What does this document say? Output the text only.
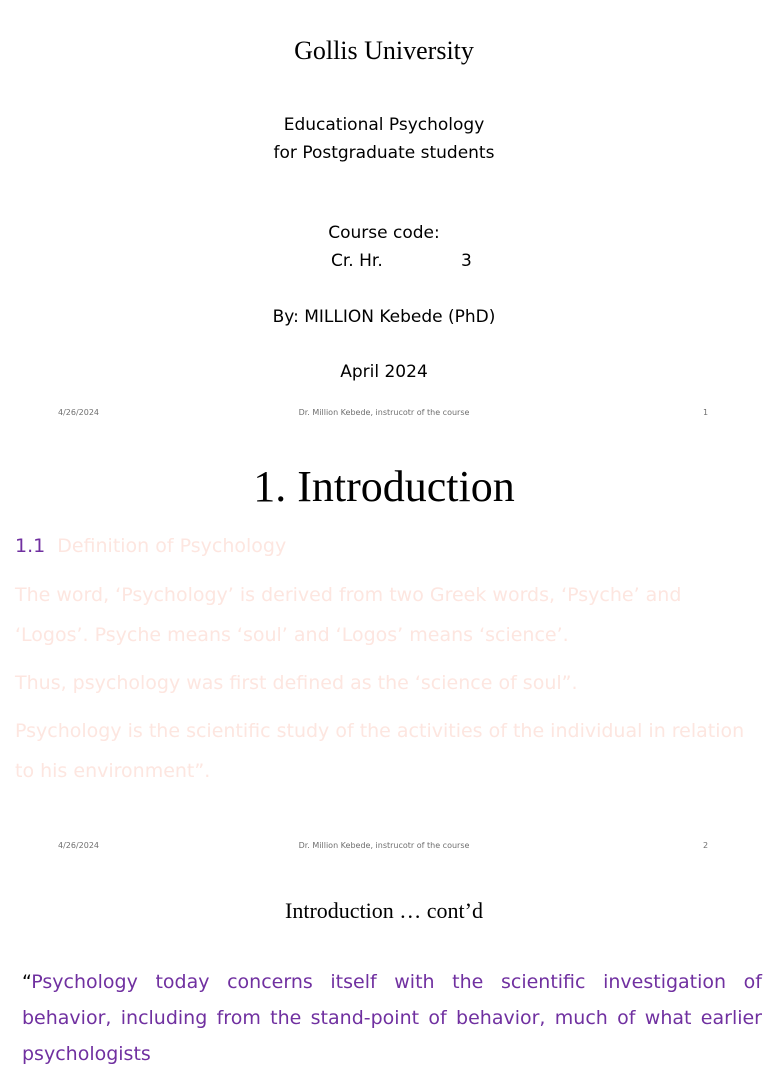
Gollis University
Educational Psychology
for Postgraduate students
Course code:
Cr. Hr.	3
By: MILLION Kebede (PhD)
April 2024
4/26/2024	Dr. Million Kebede, instrucotr of the course	1
1. Introduction
1.1 Definition of Psychology
The word, ‘Psychology’ is derived from two Greek words, ‘Psyche’ and ‘Logos’. Psyche means ‘soul’ and ‘Logos’ means ‘science’.
Thus, psychology was first defined as the ‘science of soul”.
Psychology is the scientific study of the activities of the individual in relation to his environment”.
4/26/2024	Dr. Million Kebede, instrucotr of the course	2
Introduction … cont’d
“Psychology today concerns itself with the scientific investigation of behavior, including from the stand-point of behavior, much of what earlier psychologists
